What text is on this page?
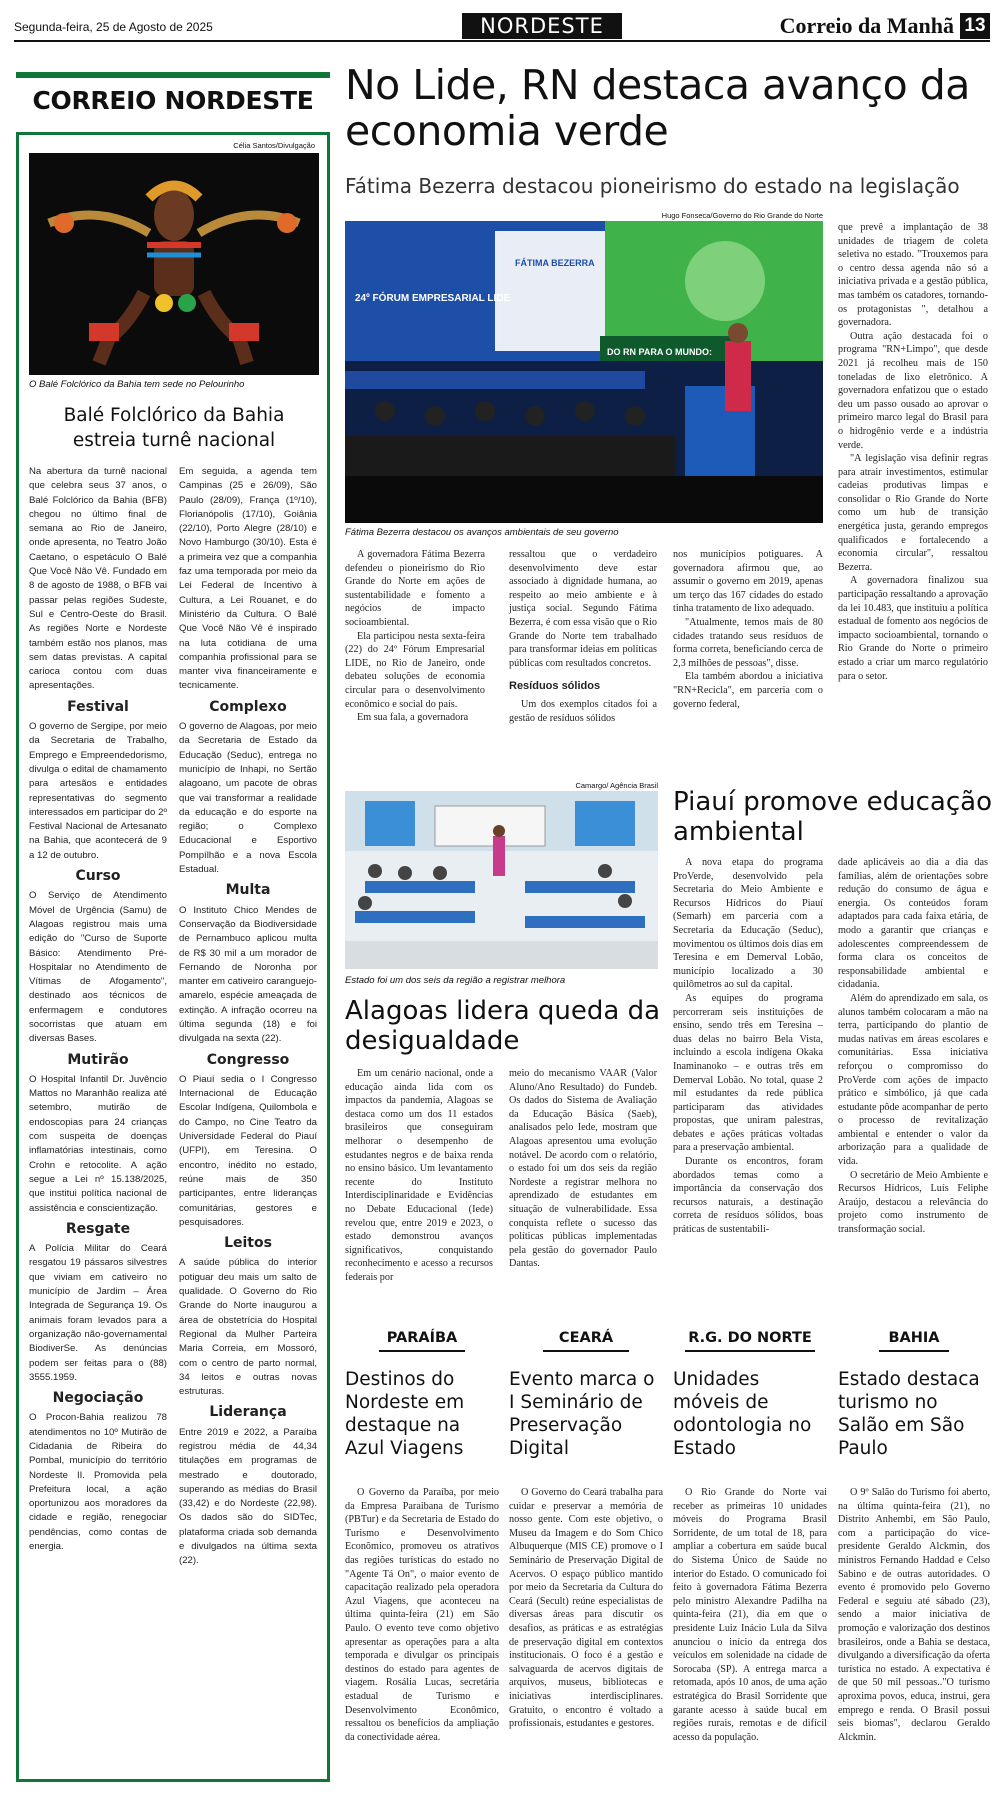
Segunda-feira, 25 de Agosto de 2025	NORDESTE	Correio da Manhã 13
CORREIO NORDESTE
Célia Santos/Divulgação
O Balé Folclórico da Bahia tem sede no Pelourinho
Balé Folclórico da Bahia estreia turnê nacional

Na abertura da turnê nacional que celebra seus 37 anos, o Balé Folclórico da Bahia (BFB) chegou no último final de semana ao Rio de Janeiro, onde apresenta, no Teatro João Caetano, o espetáculo O Balé Que Você Não Vê. Fundado em 8 de agosto de 1988, o BFB vai passar pelas regiões Sudeste, Sul e Centro-Oeste do Brasil. As regiões Norte e Nordeste também estão nos planos, mas sem datas previstas. A capital carioca contou com duas apresentações.

Festival

O governo de Sergipe, por meio da Secretaria de Trabalho, Emprego e Empreendedorismo, divulga o edital de chamamento para artesãos e entidades representativas do segmento interessados em participar do 2º Festival Nacional de Artesanato na Bahia, que acontecerá de 9 a 12 de outubro.

Curso

O Serviço de Atendimento Móvel de Urgência (Samu) de Alagoas registrou mais uma edição do "Curso de Suporte Básico: Atendimento Pré-Hospitalar no Atendimento de Vítimas de Afogamento", destinado aos técnicos de enfermagem e condutores socorristas que atuam em diversas Bases.

Mutirão

O Hospital Infantil Dr. Juvêncio Mattos no Maranhão realiza até setembro, mutirão de endoscopias para 24 crianças com suspeita de doenças inflamatórias intestinais, como Crohn e retocolite. A ação segue a Lei nº 15.138/2025, que institui política nacional de assistência e conscientização.

Resgate

A Polícia Militar do Ceará resgatou 19 pássaros silvestres que viviam em cativeiro no município de Jardim – Área Integrada de Segurança 19. Os animais foram levados para a organização não-governamental BiodiverSe. As denúncias podem ser feitas para o (88) 3555.1959.

Negociação

O Procon-Bahia realizou 78 atendimentos no 10º Mutirão de Cidadania de Ribeira do Pombal, município do território Nordeste II. Promovida pela Prefeitura local, a ação oportunizou aos moradores da cidade e região, renegociar pendências, como contas de energia.

Em seguida, a agenda tem Campinas (25 e 26/09), São Paulo (28/09), França (1º/10), Florianópolis (17/10), Goiânia (22/10), Porto Alegre (28/10) e Novo Hamburgo (30/10). Esta é a primeira vez que a companhia faz uma temporada por meio da Lei Federal de Incentivo à Cultura, a Lei Rouanet, e do Ministério da Cultura. O Balé Que Você Não Vê é inspirado na luta cotidiana de uma companhia profissional para se manter viva financeiramente e tecnicamente.

Complexo

O governo de Alagoas, por meio da Secretaria de Estado da Educação (Seduc), entrega no município de Inhapi, no Sertão alagoano, um pacote de obras que vai transformar a realidade da educação e do esporte na região; o Complexo Educacional e Esportivo Pompílhão e a nova Escola Estadual.

Multa

O Instituto Chico Mendes de Conservação da Biodiversidade de Pernambuco aplicou multa de R$ 30 mil a um morador de Fernando de Noronha por manter em cativeiro caranguejo-amarelo, espécie ameaçada de extinção. A infração ocorreu na última segunda (18) e foi divulgada na sexta (22).

Congresso

O Piauí sedia o I Congresso Internacional de Educação Escolar Indígena, Quilombola e do Campo, no Cine Teatro da Universidade Federal do Piauí (UFPI), em Teresina. O encontro, inédito no estado, reúne mais de 350 participantes, entre lideranças comunitárias, gestores e pesquisadores.

Leitos

A saúde pública do interior potiguar deu mais um salto de qualidade. O Governo do Rio Grande do Norte inaugurou a área de obstetrícia do Hospital Regional da Mulher Parteira Maria Correia, em Mossoró, com o centro de parto normal, 34 leitos e outras novas estruturas.

Liderança

Entre 2019 e 2022, a Paraíba registrou média de 44,34 titulações em programas de mestrado e doutorado, superando as médias do Brasil (33,42) e do Nordeste (22,98). Os dados são do SIDTec, plataforma criada sob demanda e divulgados na última sexta (22).

No Lide, RN destaca avanço da economia verde
Fátima Bezerra destacou pioneirismo do estado na legislação
Hugo Fonseca/Governo do Rio Grande do Norte
DO RN PARA O MUNDO:
FÁTIMA BEZERRA
24º FÓRUM EMPRESARIAL LIDE
Fátima Bezerra destacou os avanços ambientais de seu governo

A governadora Fátima Bezerra defendeu o pioneirismo do Rio Grande do Norte em ações de sustentabilidade e fomento a negócios de impacto socioambiental.

Ela participou nesta sexta-feira (22) do 24º Fórum Empresarial LIDE, no Rio de Janeiro, onde debateu soluções de economia circular para o desenvolvimento econômico e social do país.

Em sua fala, a governadora

ressaltou que o verdadeiro desenvolvimento deve estar associado à dignidade humana, ao respeito ao meio ambiente e à justiça social. Segundo Fátima Bezerra, é com essa visão que o Rio Grande do Norte tem trabalhado para transformar ideias em políticas públicas com resultados concretos.

Resíduos sólidos

Um dos exemplos citados foi a gestão de resíduos sólidos

nos municípios potiguares. A governadora afirmou que, ao assumir o governo em 2019, apenas um terço das 167 cidades do estado tinha tratamento de lixo adequado.

"Atualmente, temos mais de 80 cidades tratando seus resíduos de forma correta, beneficiando cerca de 2,3 milhões de pessoas", disse.

Ela também abordou a iniciativa "RN+Recicla", em parceria com o governo federal,

que prevê a implantação de 38 unidades de triagem de coleta seletiva no estado. "Trouxemos para o centro dessa agenda não só a iniciativa privada e a gestão pública, mas também os catadores, tornando-os protagonistas ", detalhou a governadora.

Outra ação destacada foi o programa "RN+Limpo", que desde 2021 já recolheu mais de 150 toneladas de lixo eletrônico. A governadora enfatizou que o estado deu um passo ousado ao aprovar o primeiro marco legal do Brasil para o hidrogênio verde e a indústria verde.

"A legislação visa definir regras para atrair investimentos, estimular cadeias produtivas limpas e consolidar o Rio Grande do Norte como um hub de transição energética justa, gerando empregos qualificados e fortalecendo a economia circular", ressaltou Bezerra.

A governadora finalizou sua participação ressaltando a aprovação da lei 10.483, que instituiu a política estadual de fomento aos negócios de impacto socioambiental, tornando o Rio Grande do Norte o primeiro estado a criar um marco regulatório para o setor.

Camargo/ Agência Brasil
Estado foi um dos seis da região a registrar melhora
Alagoas lidera queda da desigualdade

Em um cenário nacional, onde a educação ainda lida com os impactos da pandemia, Alagoas se destaca como um dos 11 estados brasileiros que conseguiram melhorar o desempenho de estudantes negros e de baixa renda no ensino básico. Um levantamento recente do Instituto Interdisciplinaridade e Evidências no Debate Educacional (Iede) revelou que, entre 2019 e 2023, o estado demonstrou avanços significativos, conquistando reconhecimento e acesso a recursos federais por

meio do mecanismo VAAR (Valor Aluno/Ano Resultado) do Fundeb. Os dados do Sistema de Avaliação da Educação Básica (Saeb), analisados pelo Iede, mostram que Alagoas apresentou uma evolução notável. De acordo com o relatório, o estado foi um dos seis da região Nordeste a registrar melhora no aprendizado de estudantes em situação de vulnerabilidade. Essa conquista reflete o sucesso das políticas públicas implementadas pela gestão do governador Paulo Dantas.

Piauí promove educação ambiental

A nova etapa do programa ProVerde, desenvolvido pela Secretaria do Meio Ambiente e Recursos Hídricos do Piauí (Semarh) em parceria com a Secretaria da Educação (Seduc), movimentou os últimos dois dias em Teresina e em Demerval Lobão, município localizado a 30 quilômetros ao sul da capital.

As equipes do programa percorreram seis instituições de ensino, sendo três em Teresina – duas delas no bairro Bela Vista, incluindo a escola indígena Okaka Inaminanoko – e outras três em Demerval Lobão. No total, quase 2 mil estudantes da rede pública participaram das atividades propostas, que uniram palestras, debates e ações práticas voltadas para a preservação ambiental.

Durante os encontros, foram abordados temas como a importância da conservação dos recursos naturais, a destinação correta de resíduos sólidos, boas práticas de sustentabili-

dade aplicáveis ao dia a dia das famílias, além de orientações sobre redução do consumo de água e energia. Os conteúdos foram adaptados para cada faixa etária, de modo a garantir que crianças e adolescentes compreendessem de forma clara os conceitos de responsabilidade ambiental e cidadania.

Além do aprendizado em sala, os alunos também colocaram a mão na terra, participando do plantio de mudas nativas em áreas escolares e comunitárias. Essa iniciativa reforçou o compromisso do ProVerde com ações de impacto prático e simbólico, já que cada estudante pôde acompanhar de perto o processo de revitalização ambiental e entender o valor da arborização para a qualidade de vida.

O secretário de Meio Ambiente e Recursos Hídricos, Luís Feliphe Araújo, destacou a relevância do projeto como instrumento de transformação social.

PARAÍBA
Destinos do Nordeste em destaque na Azul Viagens
O Governo da Paraíba, por meio da Empresa Paraibana de Turismo (PBTur) e da Secretaria de Estado do Turismo e Desenvolvimento Econômico, promoveu os atrativos das regiões turísticas do estado no "Agente Tá On", o maior evento de capacitação realizado pela operadora Azul Viagens, que aconteceu na última quinta-feira (21) em São Paulo. O evento teve como objetivo apresentar as operações para a alta temporada e divulgar os principais destinos do estado para agentes de viagem. Rosália Lucas, secretária estadual de Turismo e Desenvolvimento Econômico, ressaltou os benefícios da ampliação da conectividade aérea.
CEARÁ
Evento marca o I Seminário de Preservação Digital
O Governo do Ceará trabalha para cuidar e preservar a memória de nosso gente. Com este objetivo, o Museu da Imagem e do Som Chico Albuquerque (MIS CE) promove o I Seminário de Preservação Digital de Acervos. O espaço público mantido por meio da Secretaria da Cultura do Ceará (Secult) reúne especialistas de diversas áreas para discutir os desafios, as práticas e as estratégias de preservação digital em contextos institucionais. O foco é a gestão e salvaguarda de acervos digitais de arquivos, museus, bibliotecas e iniciativas interdisciplinares. Gratuito, o encontro é voltado a profissionais, estudantes e gestores.
R.G. DO NORTE
Unidades móveis de odontologia no Estado
O Rio Grande do Norte vai receber as primeiras 10 unidades móveis do Programa Brasil Sorridente, de um total de 18, para ampliar a cobertura em saúde bucal do Sistema Único de Saúde no interior do Estado. O comunicado foi feito à governadora Fátima Bezerra pelo ministro Alexandre Padilha na quinta-feira (21), dia em que o presidente Luiz Inácio Lula da Silva anunciou o início da entrega dos veículos em solenidade na cidade de Sorocaba (SP). A entrega marca a retomada, após 10 anos, de uma ação estratégica do Brasil Sorridente que garante acesso à saúde bucal em regiões rurais, remotas e de difícil acesso da população.
BAHIA
Estado destaca turismo no Salão em São Paulo
O 9º Salão do Turismo foi aberto, na última quinta-feira (21), no Distrito Anhembi, em São Paulo, com a participação do vice-presidente Geraldo Alckmin, dos ministros Fernando Haddad e Celso Sabino e de outras autoridades. O evento é promovido pelo Governo Federal e seguiu até sábado (23), sendo a maior iniciativa de promoção e valorização dos destinos brasileiros, onde a Bahia se destaca, divulgando a diversificação da oferta turística no estado. A expectativa é de que 50 mil pessoas.."O turismo aproxima povos, educa, instrui, gera emprego e renda. O Brasil possui seis biomas", declarou Geraldo Alckmin.
